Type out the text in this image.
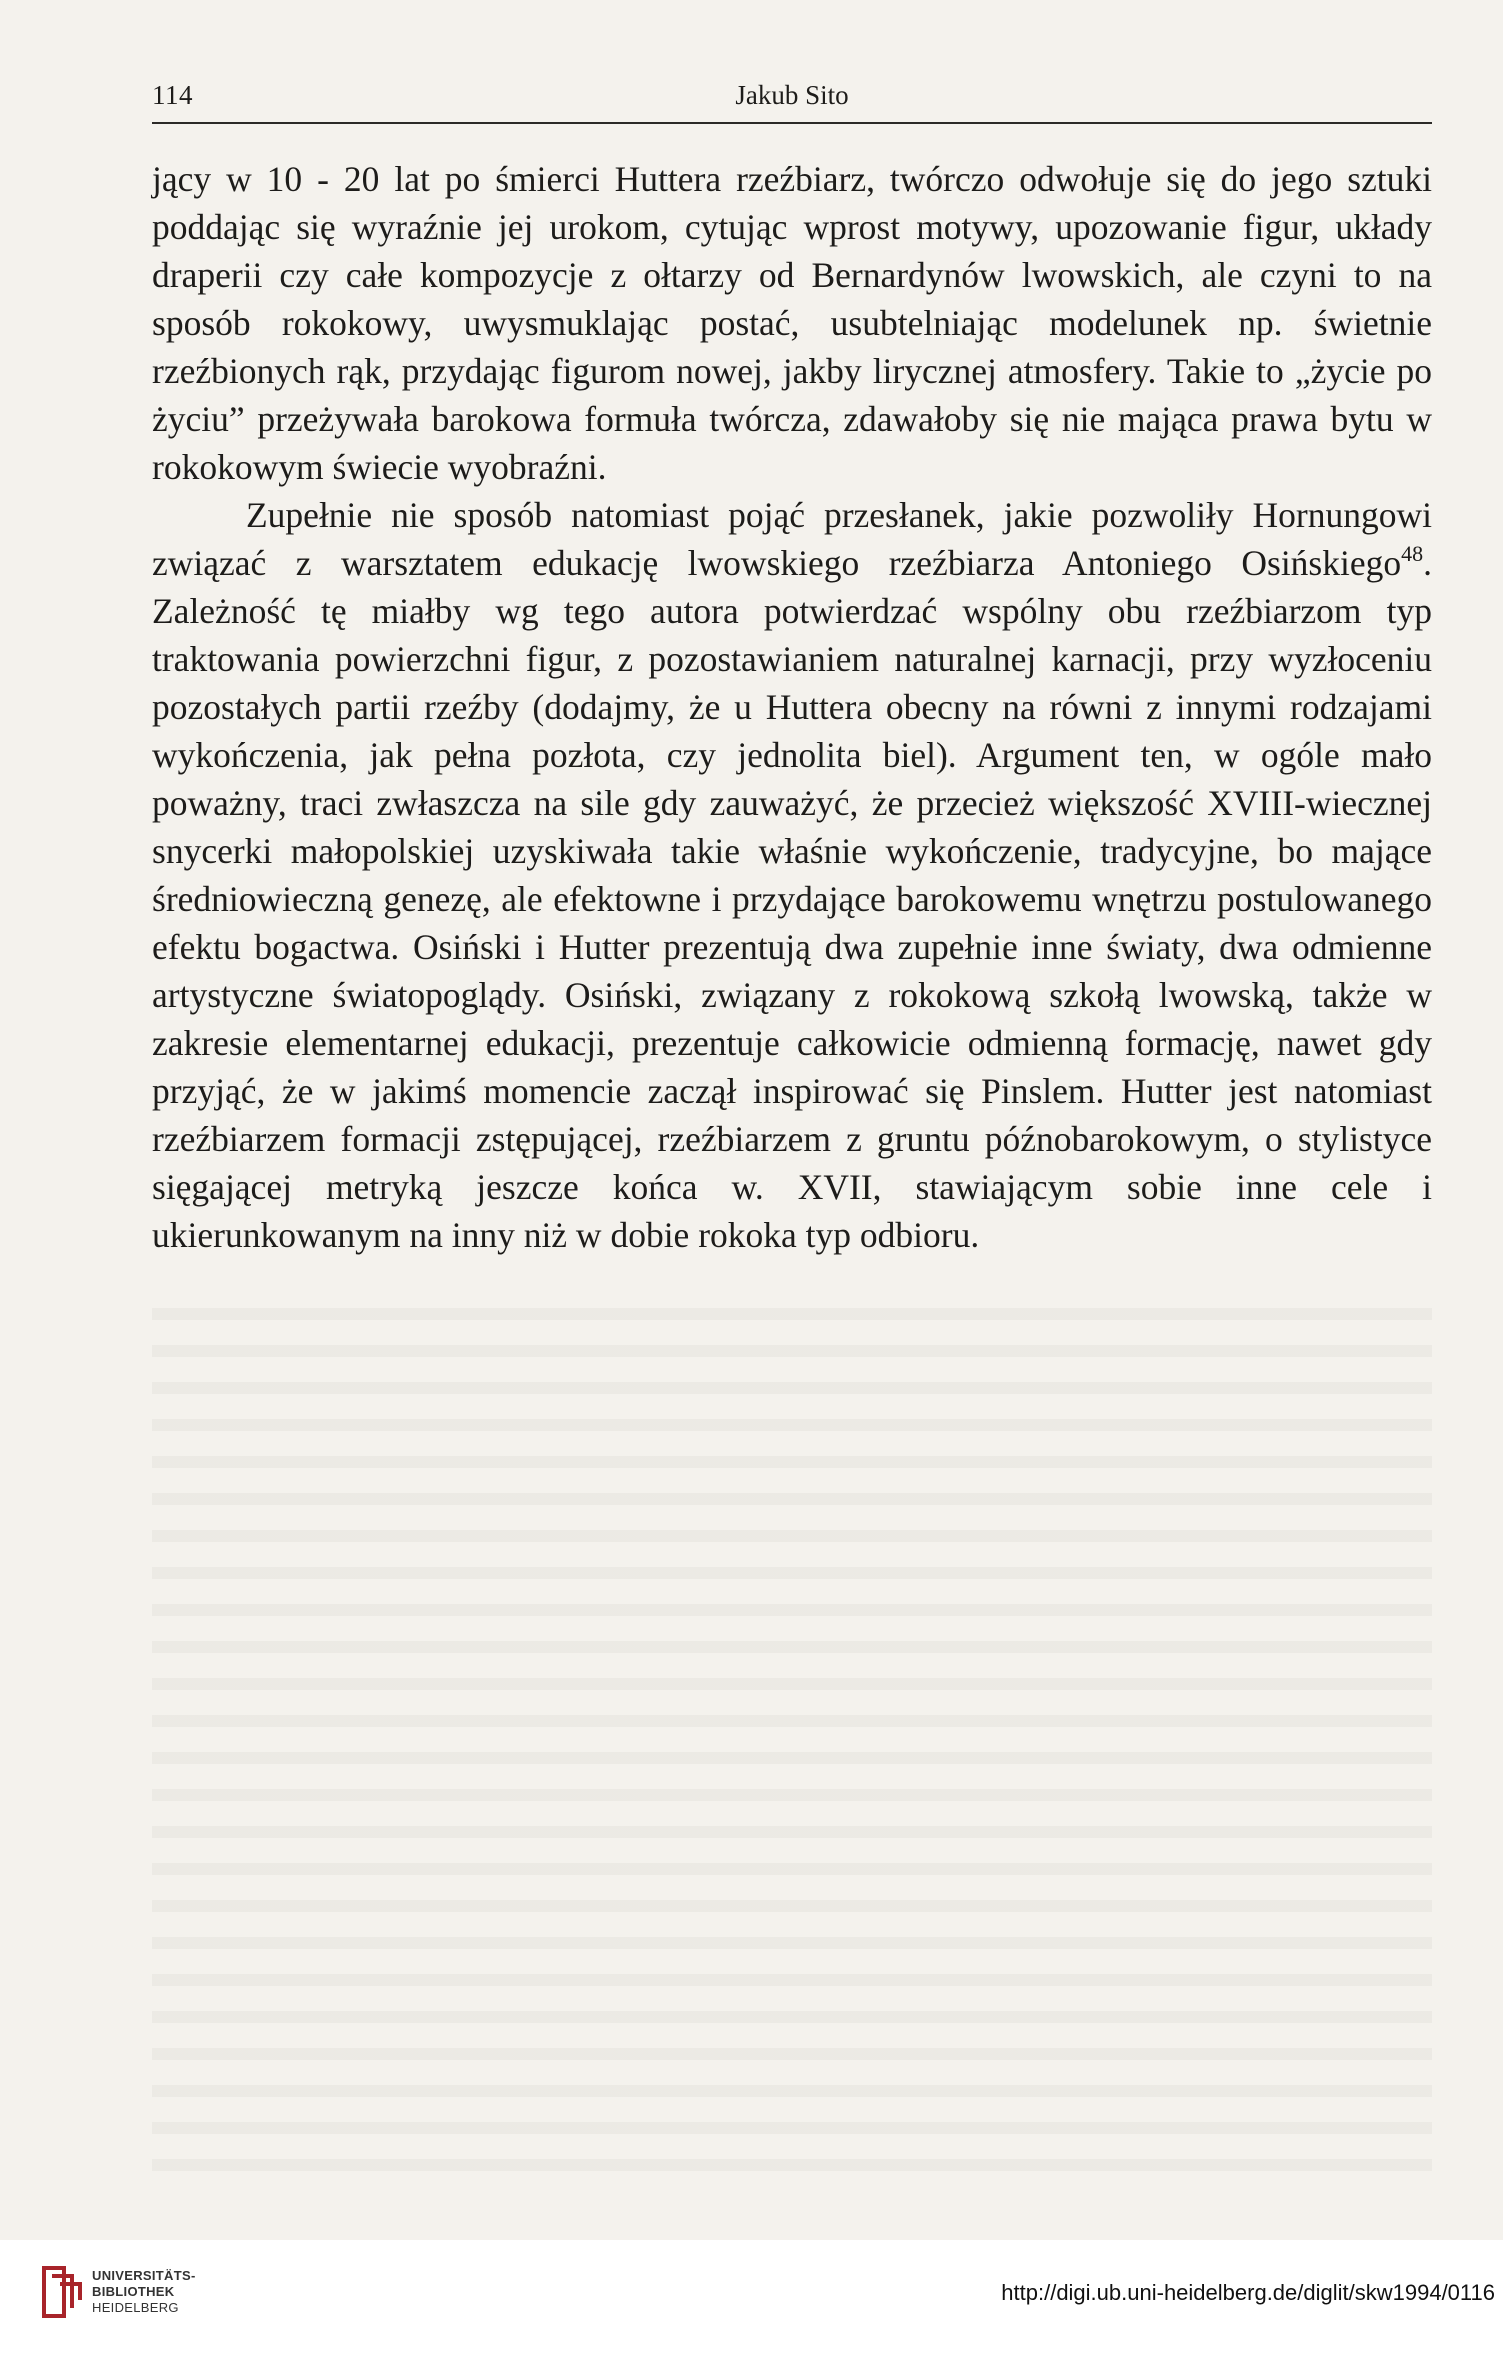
114	Jakub Sito

jący w 10 - 20 lat po śmierci Huttera rzeźbiarz, twórczo odwołuje się do jego sztuki poddając się wyraźnie jej urokom, cytując wprost motywy, upozowanie figur, układy draperii czy całe kompozycje z ołtarzy od Bernardynów lwowskich, ale czyni to na sposób rokokowy, uwysmuklając postać, usubtelniając modelunek np. świetnie rzeźbionych rąk, przydając figurom nowej, jakby lirycznej atmosfery. Takie to „życie po życiu” przeżywała barokowa formuła twórcza, zdawałoby się nie mająca prawa bytu w rokokowym świecie wyobraźni.

Zupełnie nie sposób natomiast pojąć przesłanek, jakie pozwoliły Hornungowi związać z warsztatem edukację lwowskiego rzeźbiarza Antoniego Osińskiego$^{48}$. Zależność tę miałby wg tego autora potwierdzać wspólny obu rzeźbiarzom typ traktowania powierzchni figur, z pozostawianiem naturalnej karnacji, przy wyzłoceniu pozostałych partii rzeźby (dodajmy, że u Huttera obecny na równi z innymi rodzajami wykończenia, jak pełna pozłota, czy jednolita biel). Argument ten, w ogóle mało poważny, traci zwłaszcza na sile gdy zauważyć, że przecież większość XVIII-wiecznej snycerki małopolskiej uzyskiwała takie właśnie wykończenie, tradycyjne, bo mające średniowieczną genezę, ale efektowne i przydające barokowemu wnętrzu postulowanego efektu bogactwa. Osiński i Hutter prezentują dwa zupełnie inne światy, dwa odmienne artystyczne światopoglądy. Osiński, związany z rokokową szkołą lwowską, także w zakresie elementarnej edukacji, prezentuje całkowicie odmienną formację, nawet gdy przyjąć, że w jakimś momencie zaczął inspirować się Pinslem. Hutter jest natomiast rzeźbiarzem formacji zstępującej, rzeźbiarzem z gruntu późnobarokowym, o stylistyce sięgającej metryką jeszcze końca w. XVII, stawiającym sobie inne cele i ukierunkowanym na inny niż w dobie rokoka typ odbioru.

UNIVERSITÄTS-
BIBLIOTHEK
HEIDELBERG
http://digi.ub.uni-heidelberg.de/diglit/skw1994/0116
